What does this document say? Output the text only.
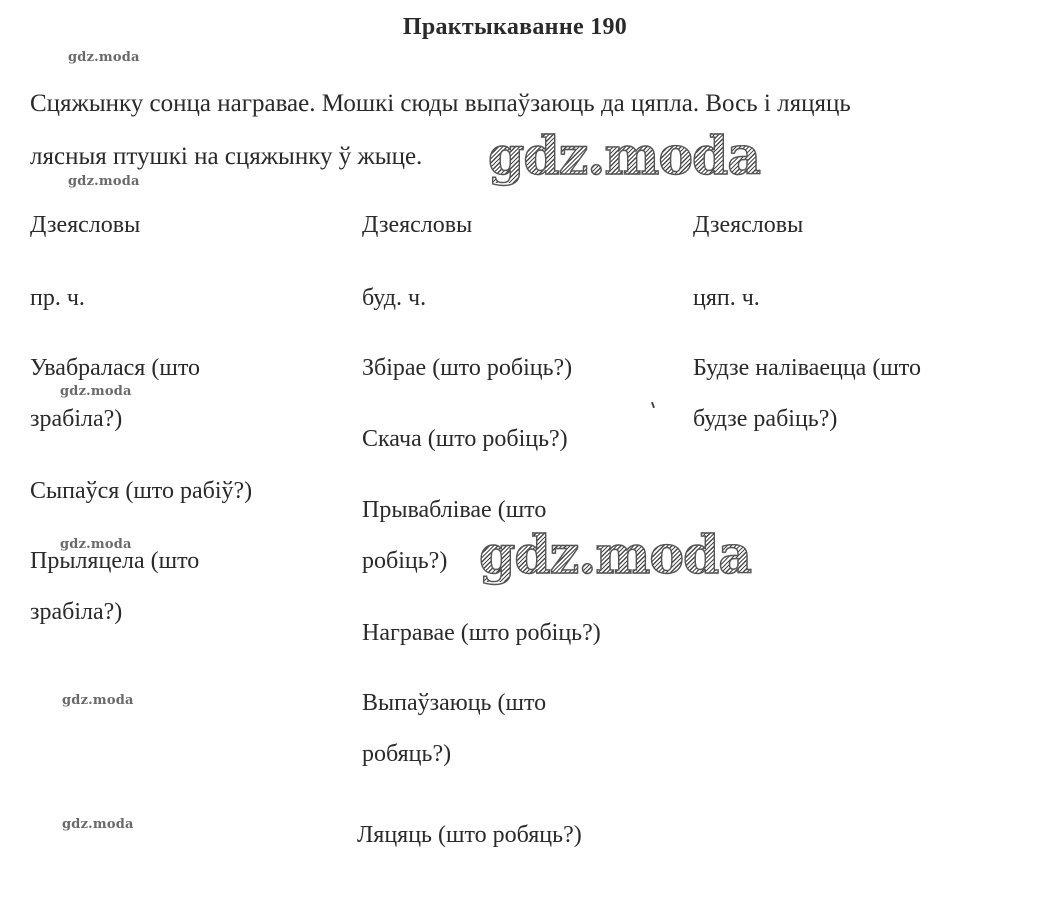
Практыкаванне 190
Сцяжынку сонца награвае. Мошкі сюды выпаўзаюць да цяпла. Вось і ляцяць
лясныя птушкі на сцяжынку ў жыце.
Дзеясловы
пр. ч.
Увабралася (што
зрабіла?)
Сыпаўся (што рабіў?)
Прыляцела (што
зрабіла?)
Дзеясловы
буд. ч.
Збірае (што робіць?)
Скача (што робіць?)
Прываблівае (што
робіць?)
Награвае (што робіць?)
Выпаўзаюць (што
робяць?)
Ляцяць (што робяць?)
Дзеясловы
цяп. ч.
Будзе наліваецца (што
будзе рабіць?)
gdz.moda
gdz.moda
gdz.moda
gdz.moda
gdz.moda
gdz.moda
gdz.moda
gdz.moda
